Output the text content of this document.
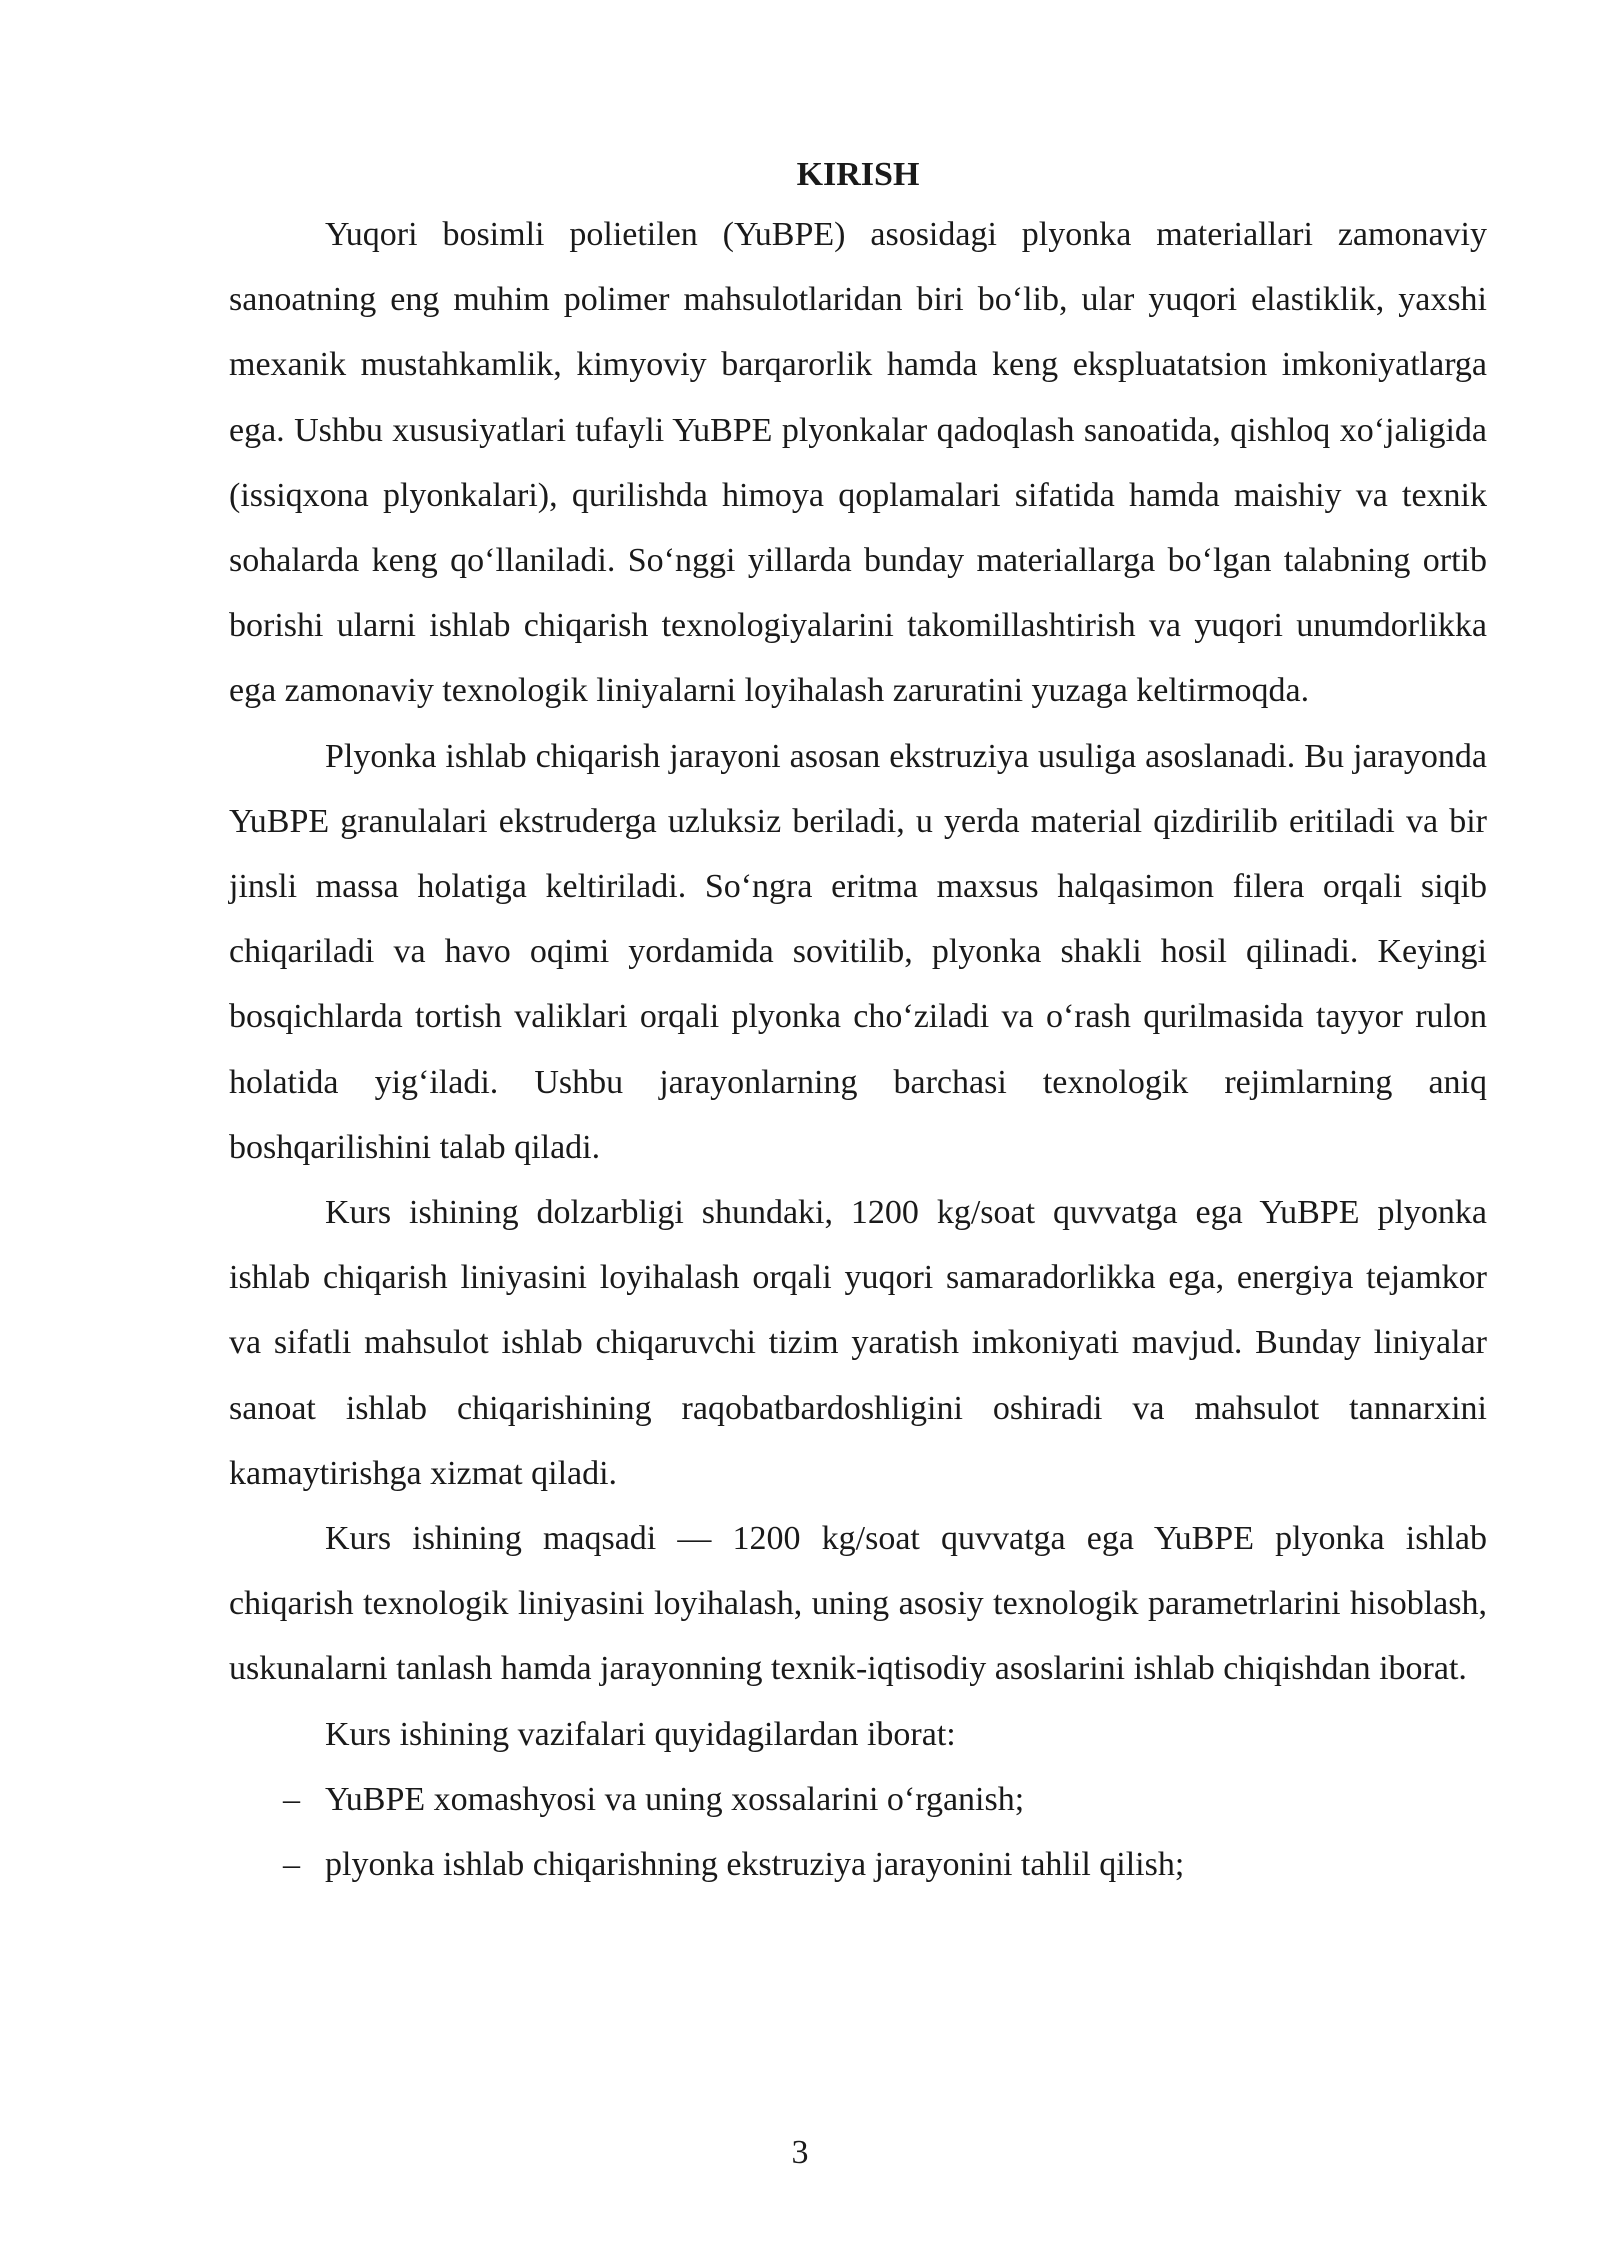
KIRISH

Yuqori bosimli polietilen (YuBPE) asosidagi plyonka materiallari zamonaviy sanoatning eng muhim polimer mahsulotlaridan biri bo‘lib, ular yuqori elastiklik, yaxshi mexanik mustahkamlik, kimyoviy barqarorlik hamda keng ekspluatatsion imkoniyatlarga ega. Ushbu xususiyatlari tufayli YuBPE plyonkalar qadoqlash sanoatida, qishloq xo‘jaligida (issiqxona plyonkalari), qurilishda himoya qoplamalari sifatida hamda maishiy va texnik sohalarda keng qo‘llaniladi. So‘nggi yillarda bunday materiallarga bo‘lgan talabning ortib borishi ularni ishlab chiqarish texnologiyalarini takomillashtirish va yuqori unumdorlikka ega zamonaviy texnologik liniyalarni loyihalash zaruratini yuzaga keltirmoqda.

Plyonka ishlab chiqarish jarayoni asosan ekstruziya usuliga asoslanadi. Bu jarayonda YuBPE granulalari ekstruderga uzluksiz beriladi, u yerda material qizdirilib eritiladi va bir jinsli massa holatiga keltiriladi. So‘ngra eritma maxsus halqasimon filera orqali siqib chiqariladi va havo oqimi yordamida sovitilib, plyonka shakli hosil qilinadi. Keyingi bosqichlarda tortish valiklari orqali plyonka cho‘ziladi va o‘rash qurilmasida tayyor rulon holatida yig‘iladi. Ushbu jarayonlarning barchasi texnologik rejimlarning aniq boshqarilishini talab qiladi.

Kurs ishining dolzarbligi shundaki, 1200 kg/soat quvvatga ega YuBPE plyonka ishlab chiqarish liniyasini loyihalash orqali yuqori samaradorlikka ega, energiya tejamkor va sifatli mahsulot ishlab chiqaruvchi tizim yaratish imkoniyati mavjud. Bunday liniyalar sanoat ishlab chiqarishining raqobatbardoshligini oshiradi va mahsulot tannarxini kamaytirishga xizmat qiladi.

Kurs ishining maqsadi — 1200 kg/soat quvvatga ega YuBPE plyonka ishlab chiqarish texnologik liniyasini loyihalash, uning asosiy texnologik parametrlarini hisoblash, uskunalarni tanlash hamda jarayonning texnik-iqtisodiy asoslarini ishlab chiqishdan iborat.

Kurs ishining vazifalari quyidagilardan iborat:

– YuBPE xomashyosi va uning xossalarini o‘rganish;
– plyonka ishlab chiqarishning ekstruziya jarayonini tahlil qilish;
3
